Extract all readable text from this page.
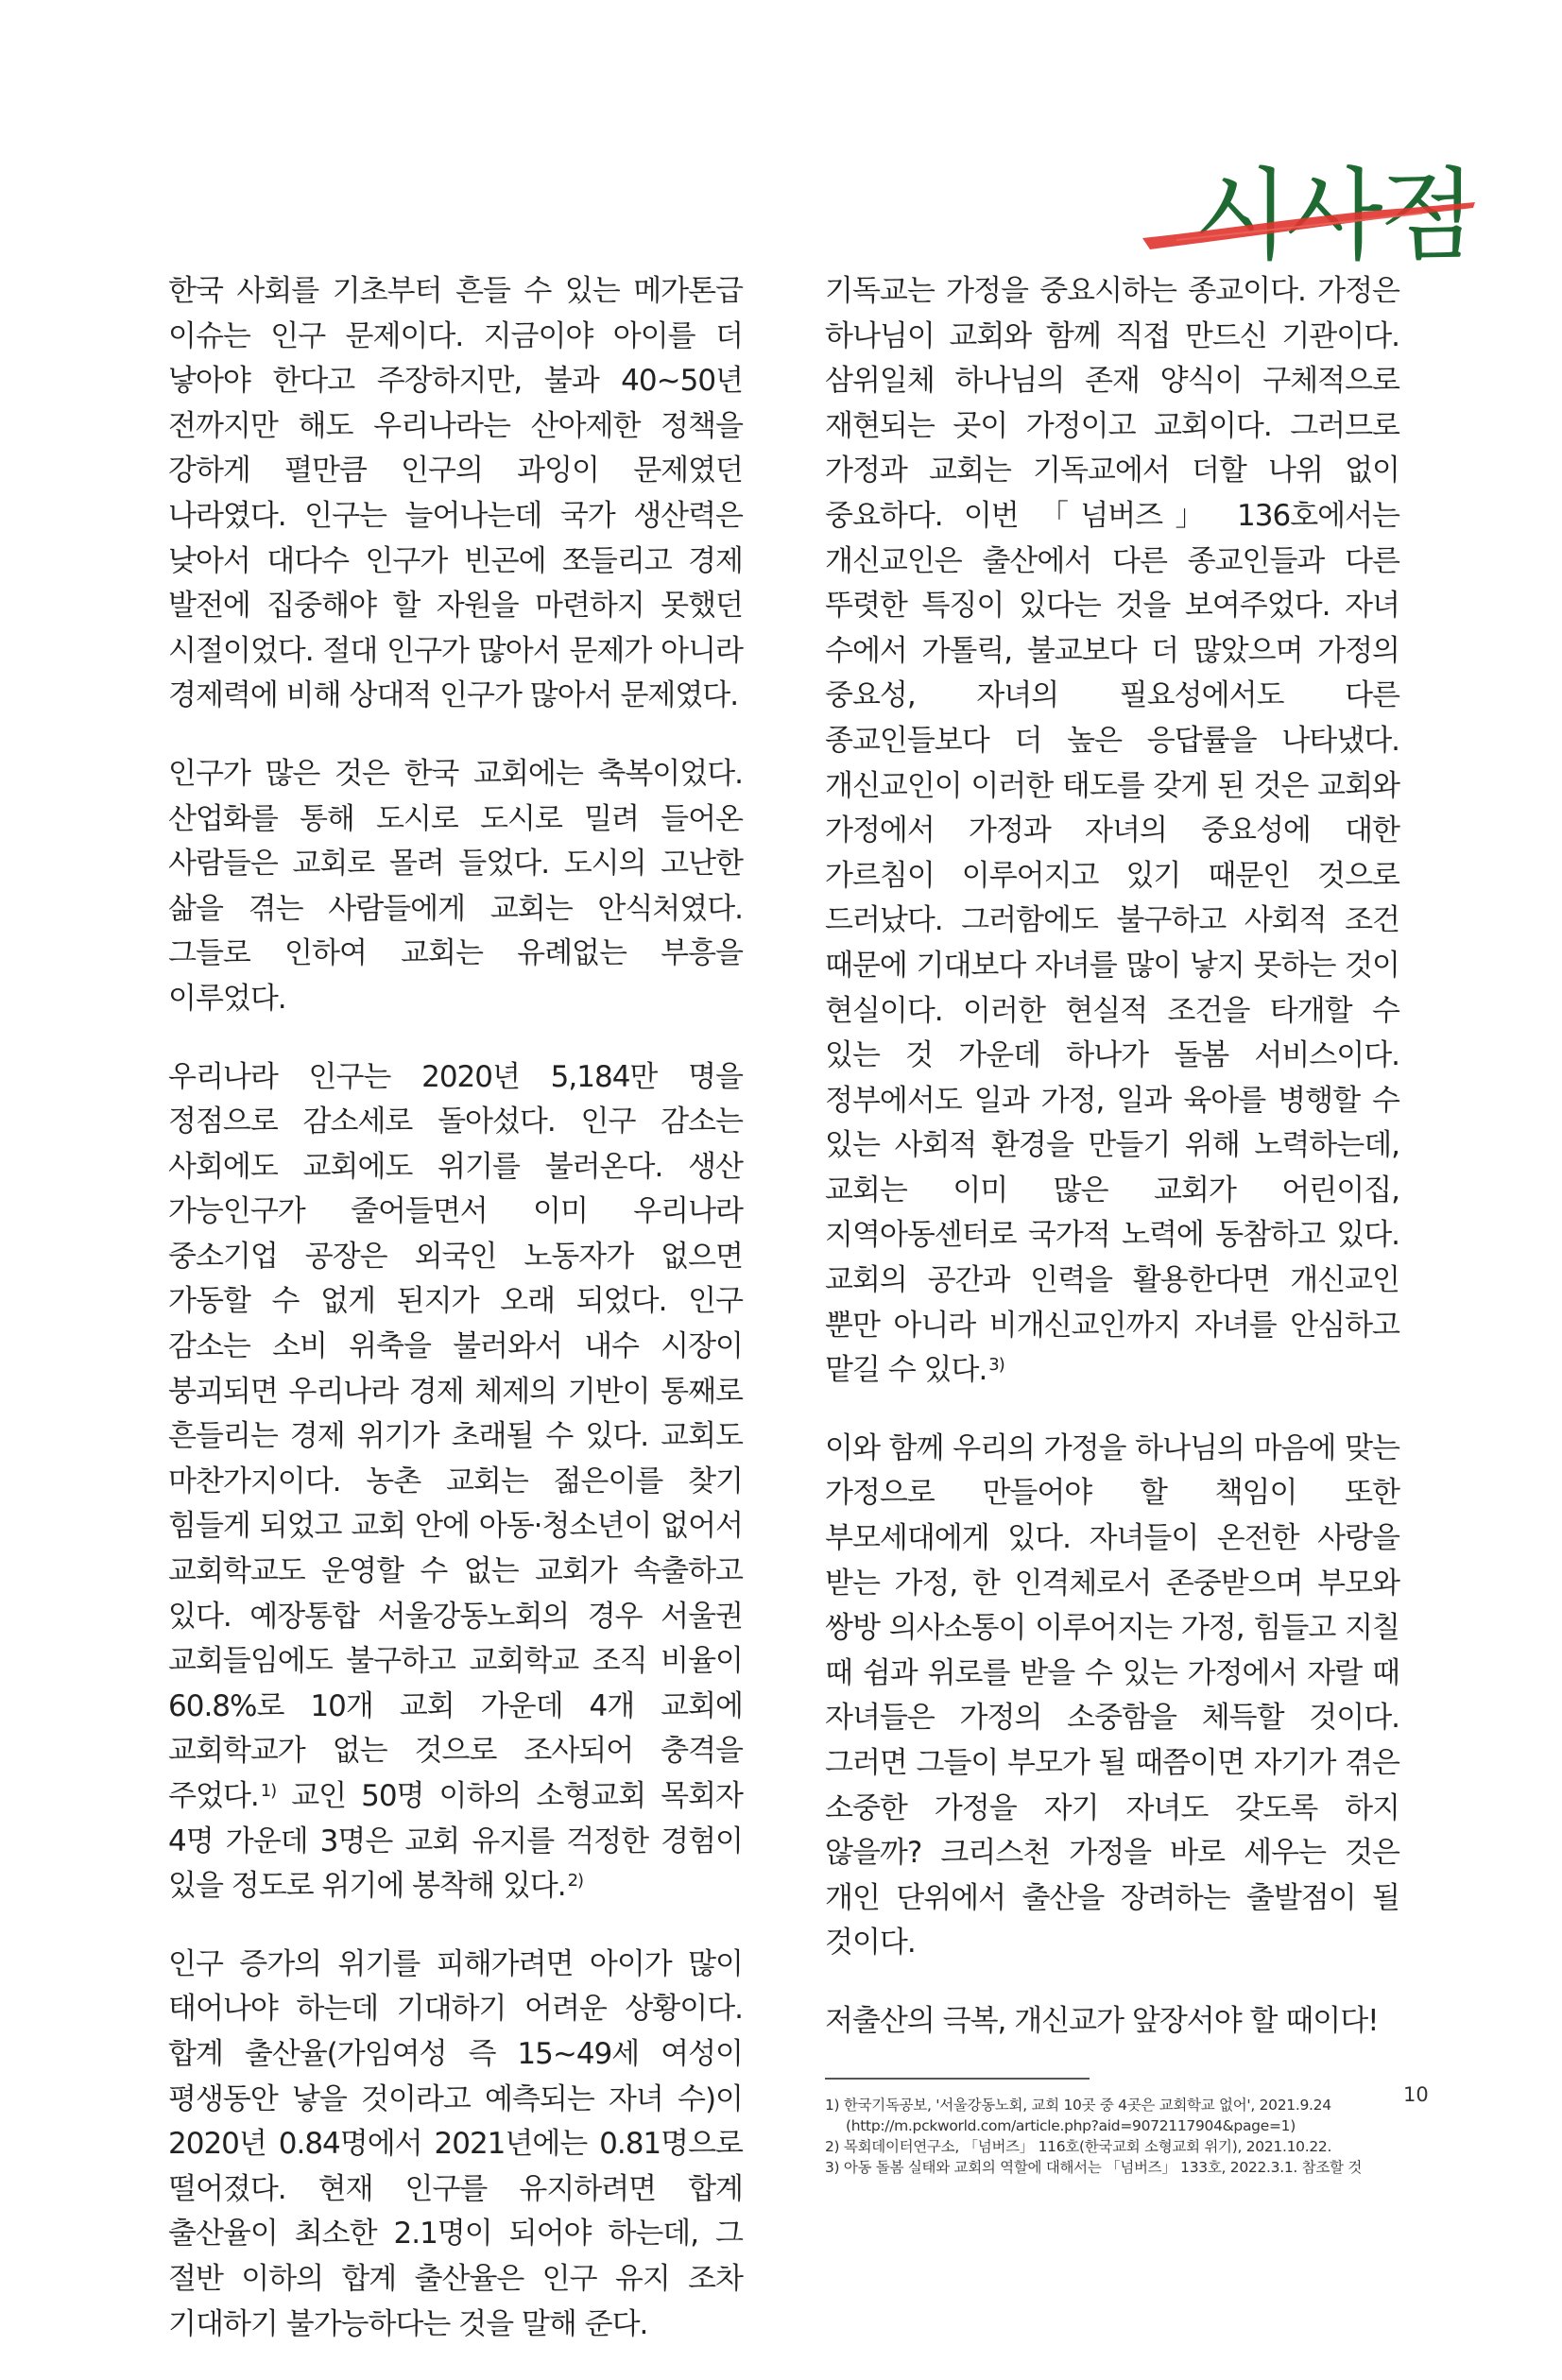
시사점

한국 사회를 기초부터 흔들 수 있는 메가톤급 이슈는 인구 문제이다. 지금이야 아이를 더 낳아야 한다고 주장하지만, 불과 40~50년 전까지만 해도 우리나라는 산아제한 정책을 강하게 펼만큼 인구의 과잉이 문제였던 나라였다. 인구는 늘어나는데 국가 생산력은 낮아서 대다수 인구가 빈곤에 쪼들리고 경제 발전에 집중해야 할 자원을 마련하지 못했던 시절이었다. 절대 인구가 많아서 문제가 아니라 경제력에 비해 상대적 인구가 많아서 문제였다.

인구가 많은 것은 한국 교회에는 축복이었다. 산업화를 통해 도시로 도시로 밀려 들어온 사람들은 교회로 몰려 들었다. 도시의 고난한 삶을 겪는 사람들에게 교회는 안식처였다. 그들로 인하여 교회는 유례없는 부흥을 이루었다.

우리나라 인구는 2020년 5,184만 명을 정점으로 감소세로 돌아섰다. 인구 감소는 사회에도 교회에도 위기를 불러온다. 생산 가능인구가 줄어들면서 이미 우리나라 중소기업 공장은 외국인 노동자가 없으면 가동할 수 없게 된지가 오래 되었다. 인구 감소는 소비 위축을 불러와서 내수 시장이 붕괴되면 우리나라 경제 체제의 기반이 통째로 흔들리는 경제 위기가 초래될 수 있다. 교회도 마찬가지이다. 농촌 교회는 젊은이를 찾기 힘들게 되었고 교회 안에 아동·청소년이 없어서 교회학교도 운영할 수 없는 교회가 속출하고 있다. 예장통합 서울강동노회의 경우 서울권 교회들임에도 불구하고 교회학교 조직 비율이 60.8%로 10개 교회 가운데 4개 교회에 교회학교가 없는 것으로 조사되어 충격을 주었다. $^{1)}$ 교인 50명 이하의 소형교회 목회자 4명 가운데 3명은 교회 유지를 걱정한 경험이 있을 정도로 위기에 봉착해 있다. $^{2)}$

인구 증가의 위기를 피해가려면 아이가 많이 태어나야 하는데 기대하기 어려운 상황이다. 합계 출산율(가임여성 즉 15~49세 여성이 평생동안 낳을 것이라고 예측되는 자녀 수)이 2020년 0.84명에서 2021년에는 0.81명으로 떨어졌다. 현재 인구를 유지하려면 합계 출산율이 최소한 2.1명이 되어야 하는데, 그 절반 이하의 합계 출산율은 인구 유지 조차 기대하기 불가능하다는 것을 말해 준다.

기독교는 가정을 중요시하는 종교이다. 가정은 하나님이 교회와 함께 직접 만드신 기관이다. 삼위일체 하나님의 존재 양식이 구체적으로 재현되는 곳이 가정이고 교회이다. 그러므로 가정과 교회는 기독교에서 더할 나위 없이 중요하다. 이번 「넘버즈」 136호에서는 개신교인은 출산에서 다른 종교인들과 다른 뚜렷한 특징이 있다는 것을 보여주었다. 자녀 수에서 가톨릭, 불교보다 더 많았으며 가정의 중요성, 자녀의 필요성에서도 다른 종교인들보다 더 높은 응답률을 나타냈다. 개신교인이 이러한 태도를 갖게 된 것은 교회와 가정에서 가정과 자녀의 중요성에 대한 가르침이 이루어지고 있기 때문인 것으로 드러났다. 그러함에도 불구하고 사회적 조건 때문에 기대보다 자녀를 많이 낳지 못하는 것이 현실이다. 이러한 현실적 조건을 타개할 수 있는 것 가운데 하나가 돌봄 서비스이다. 정부에서도 일과 가정, 일과 육아를 병행할 수 있는 사회적 환경을 만들기 위해 노력하는데, 교회는 이미 많은 교회가 어린이집, 지역아동센터로 국가적 노력에 동참하고 있다. 교회의 공간과 인력을 활용한다면 개신교인 뿐만 아니라 비개신교인까지 자녀를 안심하고 맡길 수 있다. $^{3)}$

이와 함께 우리의 가정을 하나님의 마음에 맞는 가정으로 만들어야 할 책임이 또한 부모세대에게 있다. 자녀들이 온전한 사랑을 받는 가정, 한 인격체로서 존중받으며 부모와 쌍방 의사소통이 이루어지는 가정, 힘들고 지칠 때 쉼과 위로를 받을 수 있는 가정에서 자랄 때 자녀들은 가정의 소중함을 체득할 것이다. 그러면 그들이 부모가 될 때쯤이면 자기가 겪은 소중한 가정을 자기 자녀도 갖도록 하지 않을까? 크리스천 가정을 바로 세우는 것은 개인 단위에서 출산을 장려하는 출발점이 될 것이다.

저출산의 극복, 개신교가 앞장서야 할 때이다!

1) 한국기독공보, '서울강동노회, 교회 10곳 중 4곳은 교회학교 없어', 2021.9.24
(http://m.pckworld.com/article.php?aid=9072117904&page=1)
2) 목회데이터연구소, 「넘버즈」 116호(한국교회 소형교회 위기), 2021.10.22.
3) 아동 돌봄 실태와 교회의 역할에 대해서는 「넘버즈」 133호, 2022.3.1. 참조할 것
10
